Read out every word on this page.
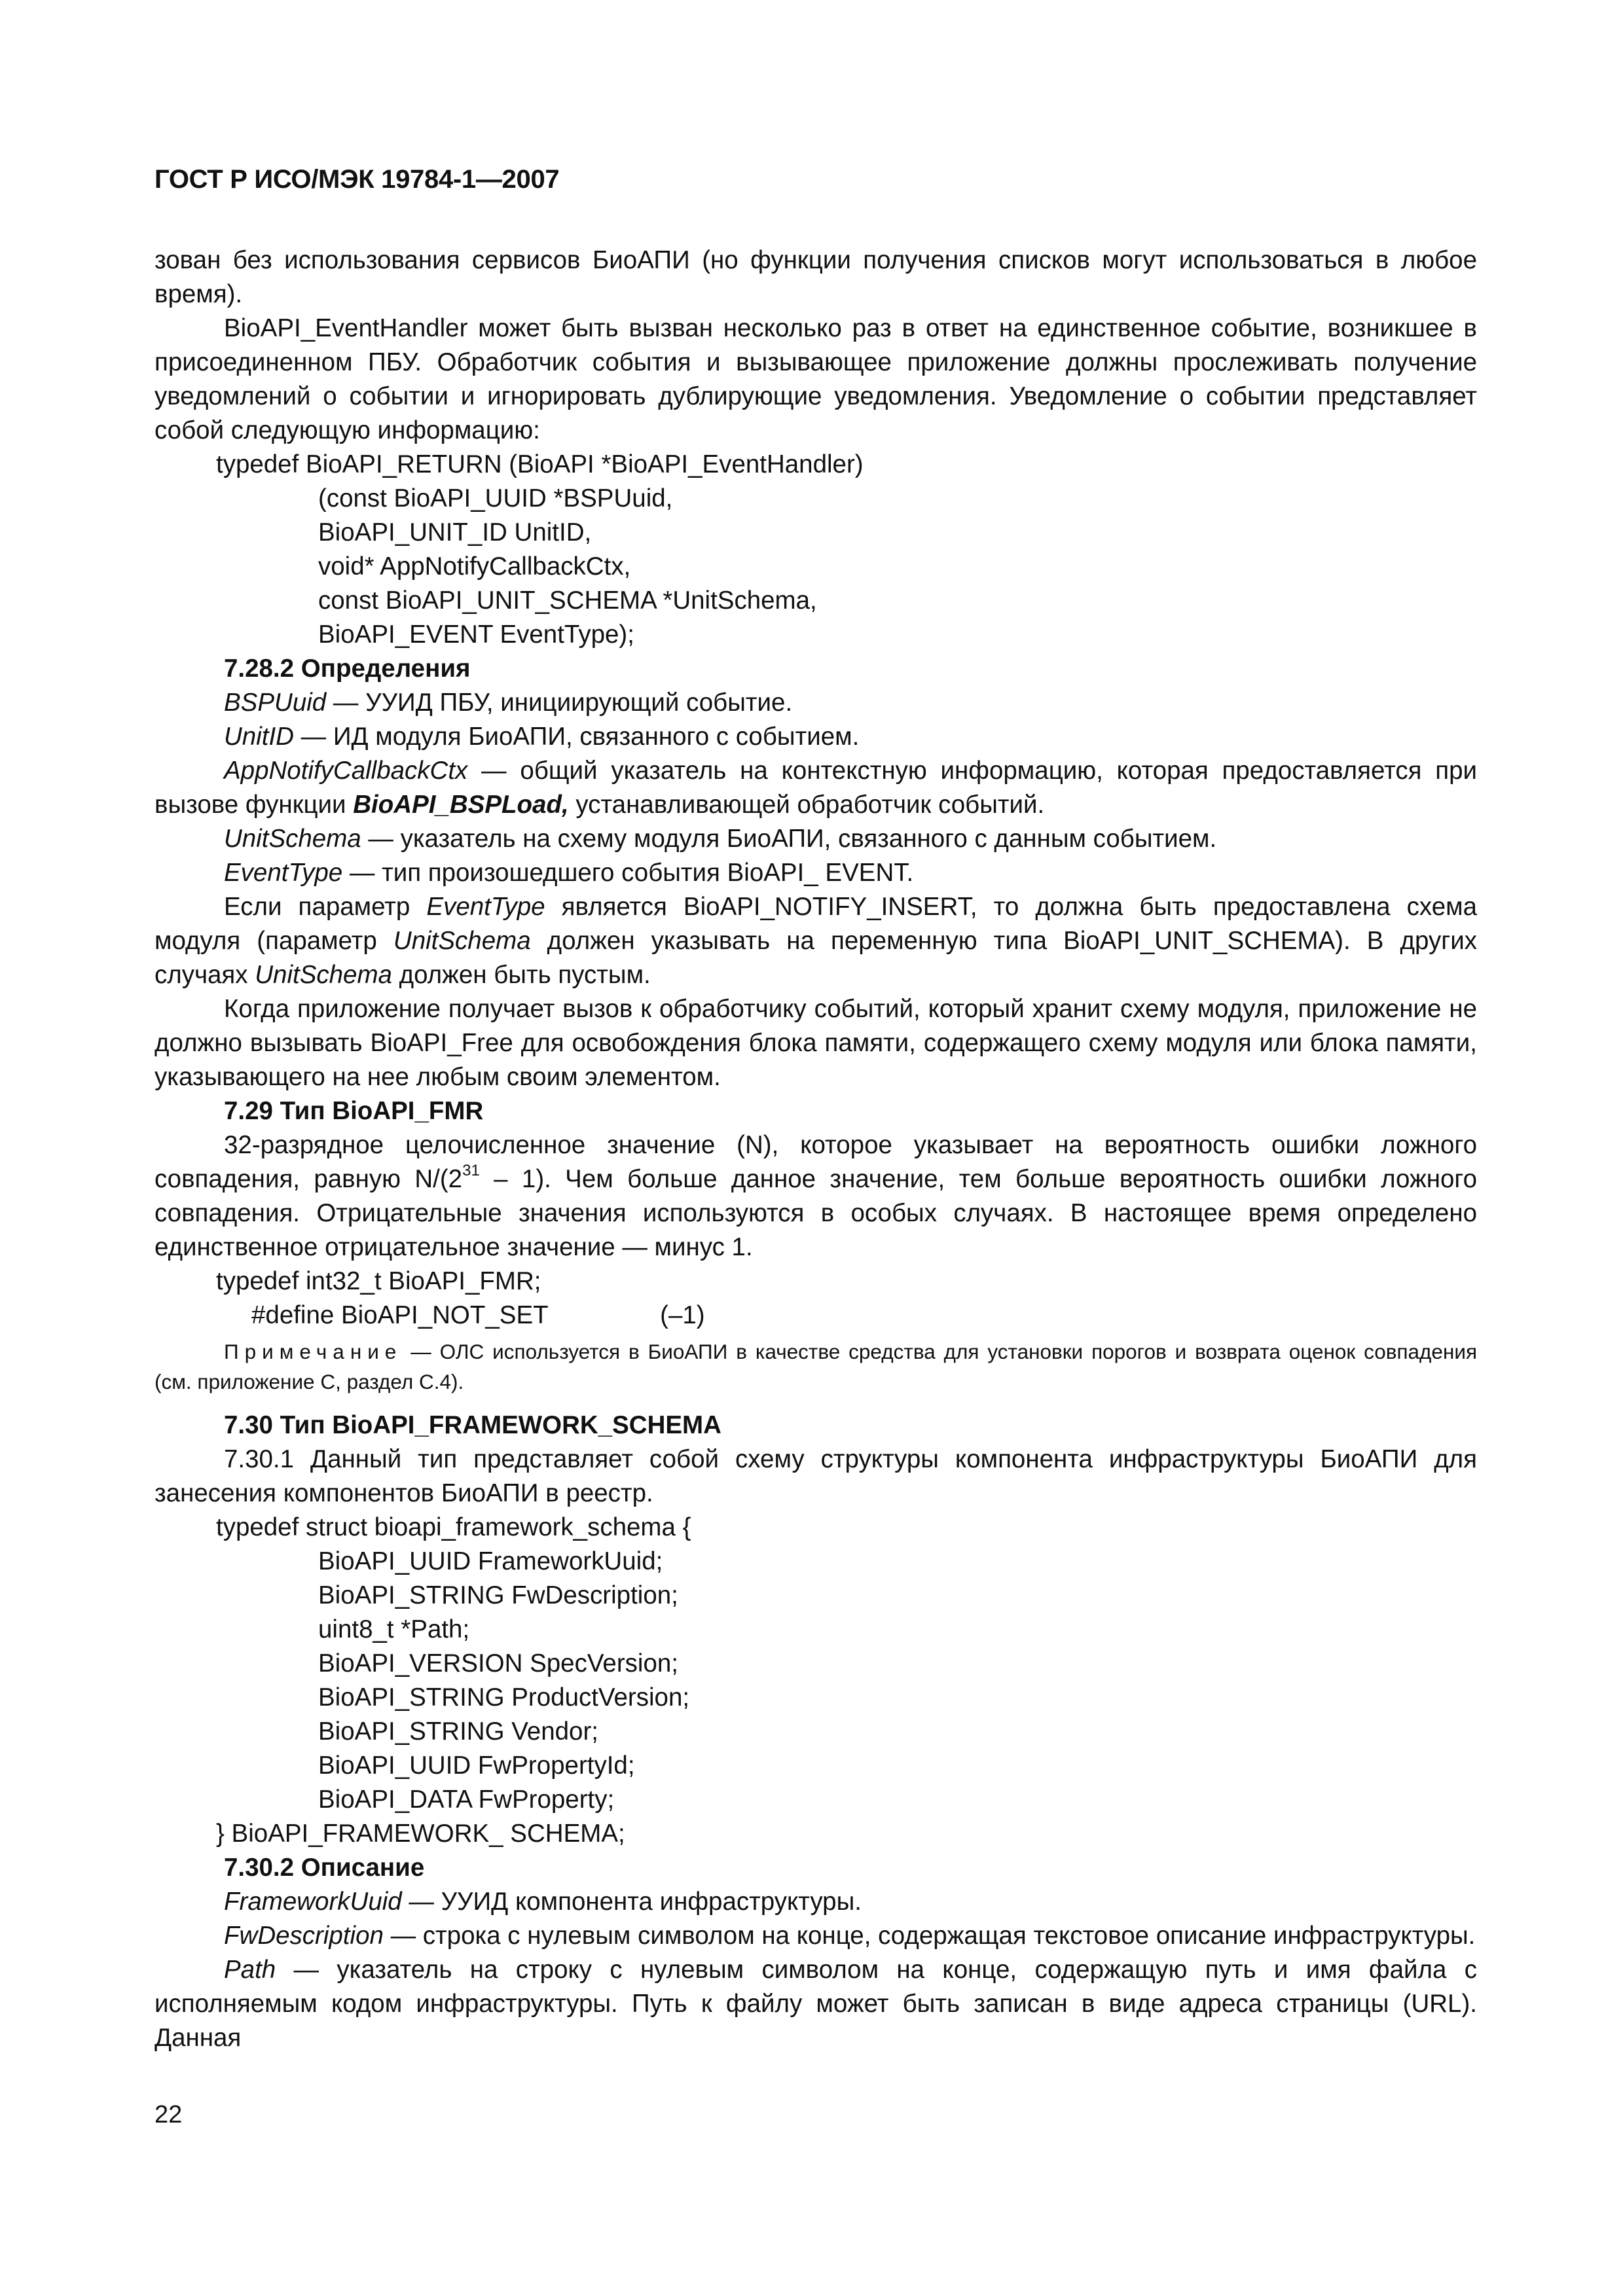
ГОСТ Р ИСО/МЭК 19784-1—2007

зован без использования сервисов БиоАПИ (но функции получения списков могут использоваться в любое время).

BioAPI_EventHandler может быть вызван несколько раз в ответ на единственное событие, возникшее в присоединенном ПБУ. Обработчик события и вызывающее приложение должны прослеживать получение уведомлений о событии и игнорировать дублирующие уведомления. Уведомление о событии представляет собой следующую информацию:

typedef BioAPI_RETURN (BioAPI *BioAPI_EventHandler)

(const BioAPI_UUID *BSPUuid,

BioAPI_UNIT_ID UnitID,

void* AppNotifyCallbackCtx,

const BioAPI_UNIT_SCHEMA *UnitSchema,

BioAPI_EVENT EventType);

7.28.2 Определения

BSPUuid — УУИД ПБУ, инициирующий событие.

UnitID — ИД модуля БиоАПИ, связанного с событием.

AppNotifyCallbackCtx — общий указатель на контекстную информацию, которая предоставляется при вызове функции BioAPI_BSPLoad, устанавливающей обработчик событий.

UnitSchema — указатель на схему модуля БиоАПИ, связанного с данным событием.

EventType — тип произошедшего события BioAPI_ EVENT.

Если параметр EventType является BioAPI_NOTIFY_INSERT, то должна быть предоставлена схема модуля (параметр UnitSchema должен указывать на переменную типа BioAPI_UNIT_SCHEMA). В других случаях UnitSchema должен быть пустым.

Когда приложение получает вызов к обработчику событий, который хранит схему модуля, приложение не должно вызывать BioAPI_Free для освобождения блока памяти, содержащего схему модуля или блока памяти, указывающего на нее любым своим элементом.

7.29 Тип BioAPI_FMR

32-разрядное целочисленное значение (N), которое указывает на вероятность ошибки ложного совпадения, равную $N/(2^{31} - 1)$. Чем больше данное значение, тем больше вероятность ошибки ложного совпадения. Отрицательные значения используются в особых случаях. В настоящее время определено единственное отрицательное значение — минус 1.

typedef int32_t BioAPI_FMR;

#define BioAPI_NOT_SET                (–1)

Примечание — ОЛС используется в БиоАПИ в качестве средства для установки порогов и возврата оценок совпадения (см. приложение С, раздел С.4).

7.30 Тип BioAPI_FRAMEWORK_SCHEMA

7.30.1 Данный тип представляет собой схему структуры компонента инфраструктуры БиоАПИ для занесения компонентов БиоАПИ в реестр.

typedef struct bioapi_framework_schema {

BioAPI_UUID FrameworkUuid;

BioAPI_STRING FwDescription;

uint8_t *Path;

BioAPI_VERSION SpecVersion;

BioAPI_STRING ProductVersion;

BioAPI_STRING Vendor;

BioAPI_UUID FwPropertyId;

BioAPI_DATA FwProperty;

} BioAPI_FRAMEWORK_ SCHEMA;

7.30.2 Описание

FrameworkUuid — УУИД компонента инфраструктуры.

FwDescription — строка с нулевым символом на конце, содержащая текстовое описание инфраструктуры.

Path — указатель на строку с нулевым символом на конце, содержащую путь и имя файла с исполняемым кодом инфраструктуры. Путь к файлу может быть записан в виде адреса страницы (URL). Данная

22
